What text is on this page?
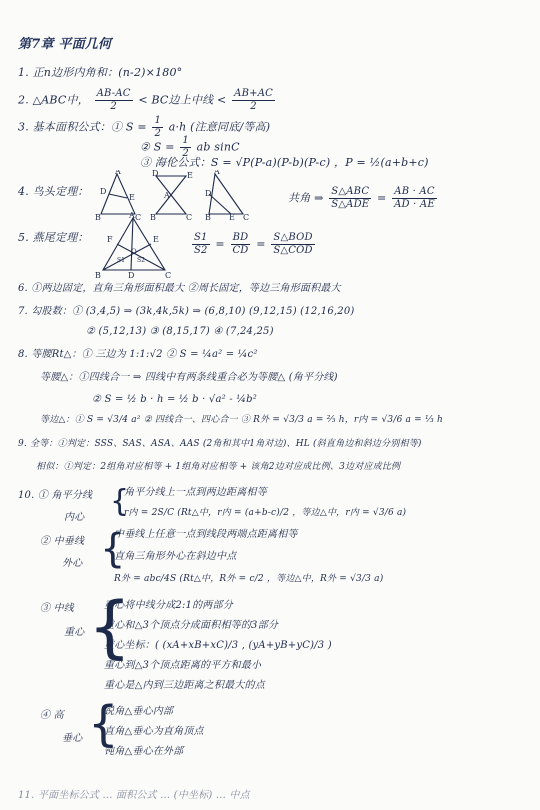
第7章 平面几何
1. 正n边形内角和：(n-2)×180°
2. △ABC中， $\frac{AB-AC}{2}$ < BC边上中线 < $\frac{AB+AC}{2}$
3. 基本面积公式：① $S = \frac{1}{2} a\cdot h$ (注意同底/等高)
② $S = \frac{1}{2}$ ab sinC
③ 海伦公式：S = √P(P-a)(P-b)(P-c) ，P = ½(a+b+c)
4. 鸟头定理：
A
D
E
B	C
D	E
A
B	C
A
D
E
B	C
共角 ⇒ $\frac{\text{S△ABC}}{\text{S△ADE}} = \frac{AB \cdot AC}{AD \cdot AE}$
5. 燕尾定理：
A
F	E
S1 S2
O
B	D	C
$\frac{S1}{S2} = \frac{BD}{CD} = \frac{\text{S△BOD}}{\text{S△COD}}$
6. ①两边固定，直角三角形面积最大 ②周长固定，等边三角形面积最大
7. 勾股数：① (3,4,5) ⇒ (3k,4k,5k) ⇒ (6,8,10) (9,12,15) (12,16,20)
② (5,12,13) ③ (8,15,17) ④ (7,24,25)
8. 等腰Rt△：① 三边为 1:1:√2 ② S = ¼a² = ¼c²
等腰△：①四线合一 ⇒ 四线中有两条线重合必为等腰△ (角平分线)
② S = ½ b · h = ½ b · √a² - ¼b²
等边△：① S = √3/4 a² ② 四线合一、四心合一 ③ R外 = √3/3 a = ⅔ h，r内 = √3/6 a = ⅓ h
9. 全等：①判定：SSS、SAS、ASA、AAS (2角和其中1角对边)、HL (斜直角边和斜边分别相等)
相似：①判定：2组角对应相等 + 1组角对应相等 + 该角2边对应成比例、3边对应成比例
10. ① 角平分线
内心 {
角平分线上一点到两边距离相等
r内 = 2S/C (Rt△中，r内 = (a+b-c)/2 ，等边△中，r内 = √3/6 a)
② 中垂线
外心 {
中垂线上任意一点到线段两端点距离相等
直角三角形外心在斜边中点
R外 = abc/4S (Rt△中，R外 = c/2 ，等边△中，R外 = √3/3 a)
③ 中线
重心 {
重心将中线分成2:1的两部分
重心和△3个顶点分成面积相等的3部分
重心坐标：( (xA+xB+xC)/3 , (yA+yB+yC)/3 )
重心到△3个顶点距离的平方和最小
重心是△内到三边距离之积最大的点
④ 高
垂心 {
锐角△垂心内部
直角△垂心为直角顶点
钝角△垂心在外部
11. 平面坐标公式 ... 面积公式 ... (中坐标) ... 中点
